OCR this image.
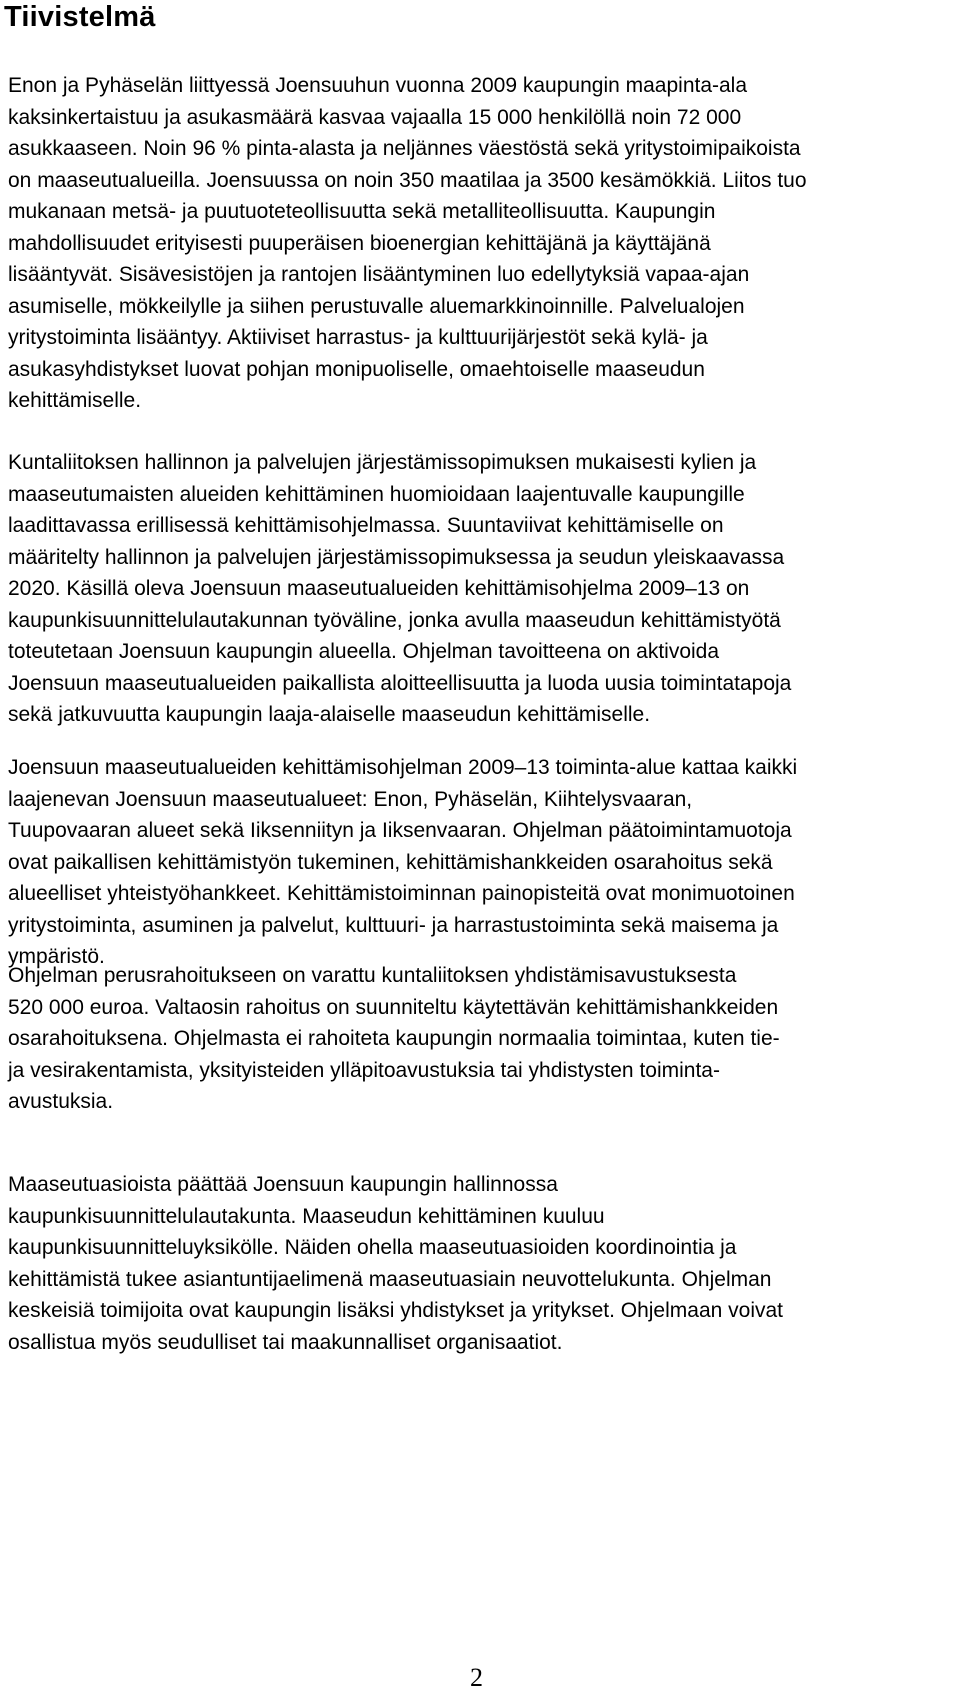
Tiivistelmä
Enon ja Pyhäselän liittyessä Joensuuhun vuonna 2009 kaupungin maapinta-ala
kaksinkertaistuu ja asukasmäärä kasvaa vajaalla 15 000 henkilöllä noin 72 000
asukkaaseen. Noin 96 % pinta-alasta ja neljännes väestöstä sekä yritystoimipaikoista
on maaseutualueilla. Joensuussa on noin 350 maatilaa ja 3500 kesämökkiä. Liitos tuo
mukanaan metsä- ja puutuoteteollisuutta sekä metalliteollisuutta. Kaupungin
mahdollisuudet erityisesti puuperäisen bioenergian kehittäjänä ja käyttäjänä
lisääntyvät. Sisävesistöjen ja rantojen lisääntyminen luo edellytyksiä vapaa-ajan
asumiselle, mökkeilylle ja siihen perustuvalle aluemarkkinoinnille. Palvelualojen
yritystoiminta lisääntyy. Aktiiviset harrastus- ja kulttuurijärjestöt sekä kylä- ja
asukasyhdistykset luovat pohjan monipuoliselle, omaehtoiselle maaseudun
kehittämiselle.
Kuntaliitoksen hallinnon ja palvelujen järjestämissopimuksen mukaisesti kylien ja
maaseutumaisten alueiden kehittäminen huomioidaan laajentuvalle kaupungille
laadittavassa erillisessä kehittämisohjelmassa. Suuntaviivat kehittämiselle on
määritelty hallinnon ja palvelujen järjestämissopimuksessa ja seudun yleiskaavassa
2020. Käsillä oleva Joensuun maaseutualueiden kehittämisohjelma 2009–13 on
kaupunkisuunnittelulautakunnan työväline, jonka avulla maaseudun kehittämistyötä
toteutetaan Joensuun kaupungin alueella. Ohjelman tavoitteena on aktivoida
Joensuun maaseutualueiden paikallista aloitteellisuutta ja luoda uusia toimintatapoja
sekä jatkuvuutta kaupungin laaja-alaiselle maaseudun kehittämiselle.
Joensuun maaseutualueiden kehittämisohjelman 2009–13 toiminta-alue kattaa kaikki
laajenevan Joensuun maaseutualueet: Enon, Pyhäselän, Kiihtelysvaaran,
Tuupovaaran alueet sekä Iiksenniityn ja Iiksenvaaran. Ohjelman päätoimintamuotoja
ovat paikallisen kehittämistyön tukeminen, kehittämishankkeiden osarahoitus sekä
alueelliset yhteistyöhankkeet. Kehittämistoiminnan painopisteitä ovat monimuotoinen
yritystoiminta, asuminen ja palvelut, kulttuuri- ja harrastustoiminta sekä maisema ja
ympäristö.
Ohjelman perusrahoitukseen on varattu kuntaliitoksen yhdistämisavustuksesta
520 000 euroa. Valtaosin rahoitus on suunniteltu käytettävän kehittämishankkeiden
osarahoituksena. Ohjelmasta ei rahoiteta kaupungin normaalia toimintaa, kuten tie-
ja vesirakentamista, yksityisteiden ylläpitoavustuksia tai yhdistysten toiminta-
avustuksia.
Maaseutuasioista päättää Joensuun kaupungin hallinnossa
kaupunkisuunnittelulautakunta. Maaseudun kehittäminen kuuluu
kaupunkisuunnitteluyksikölle. Näiden ohella maaseutuasioiden koordinointia ja
kehittämistä tukee asiantuntijaelimenä maaseutuasiain neuvottelukunta. Ohjelman
keskeisiä toimijoita ovat kaupungin lisäksi yhdistykset ja yritykset. Ohjelmaan voivat
osallistua myös seudulliset tai maakunnalliset organisaatiot.
2
